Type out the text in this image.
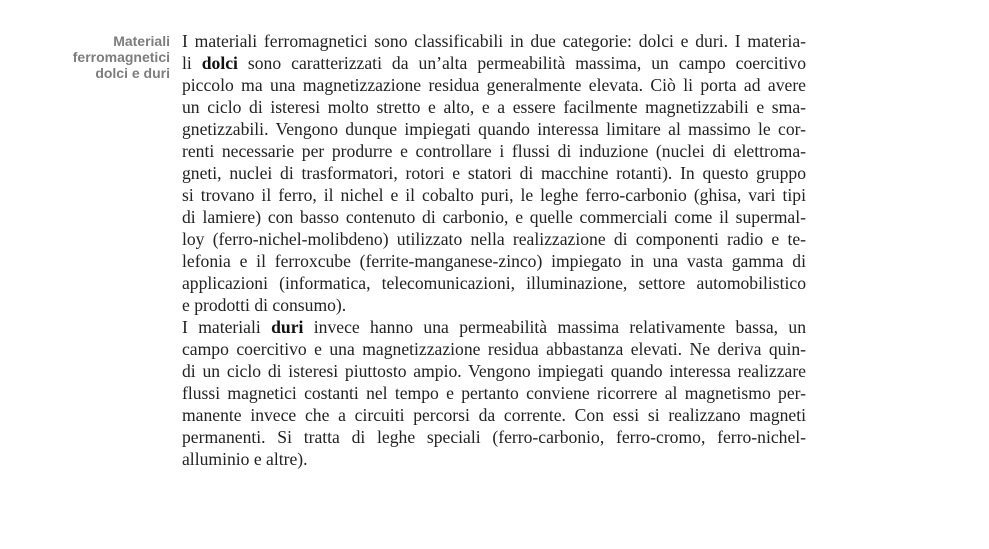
Materiali
ferromagnetici
dolci e duri
I materiali ferromagnetici sono classificabili in due categorie: dolci e duri. I materia-
li dolci sono caratterizzati da un’alta permeabilità massima, un campo coercitivo
piccolo ma una magnetizzazione residua generalmente elevata. Ciò li porta ad avere
un ciclo di isteresi molto stretto e alto, e a essere facilmente magnetizzabili e sma-
gnetizzabili. Vengono dunque impiegati quando interessa limitare al massimo le cor-
renti necessarie per produrre e controllare i flussi di induzione (nuclei di elettroma-
gneti, nuclei di trasformatori, rotori e statori di macchine rotanti). In questo gruppo
si trovano il ferro, il nichel e il cobalto puri, le leghe ferro-carbonio (ghisa, vari tipi
di lamiere) con basso contenuto di carbonio, e quelle commerciali come il supermal-
loy (ferro-nichel-molibdeno) utilizzato nella realizzazione di componenti radio e te-
lefonia e il ferroxcube (ferrite-manganese-zinco) impiegato in una vasta gamma di
applicazioni (informatica, telecomunicazioni, illuminazione, settore automobilistico
e prodotti di consumo).
I materiali duri invece hanno una permeabilità massima relativamente bassa, un
campo coercitivo e una magnetizzazione residua abbastanza elevati. Ne deriva quin-
di un ciclo di isteresi piuttosto ampio. Vengono impiegati quando interessa realizzare
flussi magnetici costanti nel tempo e pertanto conviene ricorrere al magnetismo per-
manente invece che a circuiti percorsi da corrente. Con essi si realizzano magneti
permanenti. Si tratta di leghe speciali (ferro-carbonio, ferro-cromo, ferro-nichel-
alluminio e altre).
